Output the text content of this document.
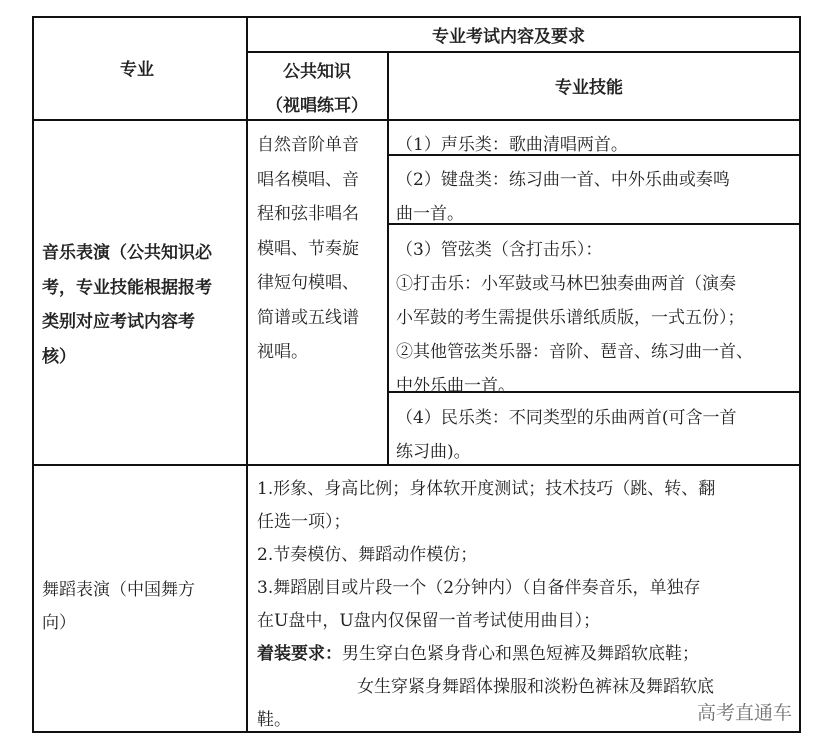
专业
专业考试内容及要求
公共知识
（视唱练耳）
专业技能
音乐表演（公共知识必
考，专业技能根据报考
类别对应考试内容考
核）
自然音阶单音
唱名模唱、音
程和弦非唱名
模唱、节奏旋
律短句模唱、
简谱或五线谱
视唱。
（1）声乐类：歌曲清唱两首。
（2）键盘类：练习曲一首、中外乐曲或奏鸣
曲一首。
（3）管弦类（含打击乐）：
①打击乐：小军鼓或马林巴独奏曲两首（演奏
小军鼓的考生需提供乐谱纸质版，一式五份）；
②其他管弦类乐器：音阶、琶音、练习曲一首、
中外乐曲一首。
（4）民乐类：不同类型的乐曲两首(可含一首
练习曲)。
舞蹈表演（中国舞方
向）
1.形象、身高比例；身体软开度测试；技术技巧（跳、转、翻
任选一项）；
2.节奏模仿、舞蹈动作模仿；
3.舞蹈剧目或片段一个（2分钟内）（自备伴奏音乐，单独存
在U盘中，U盘内仅保留一首考试使用曲目）；
着装要求：男生穿白色紧身背心和黑色短裤及舞蹈软底鞋；
女生穿紧身舞蹈体操服和淡粉色裤袜及舞蹈软底
鞋。	高考直通车
